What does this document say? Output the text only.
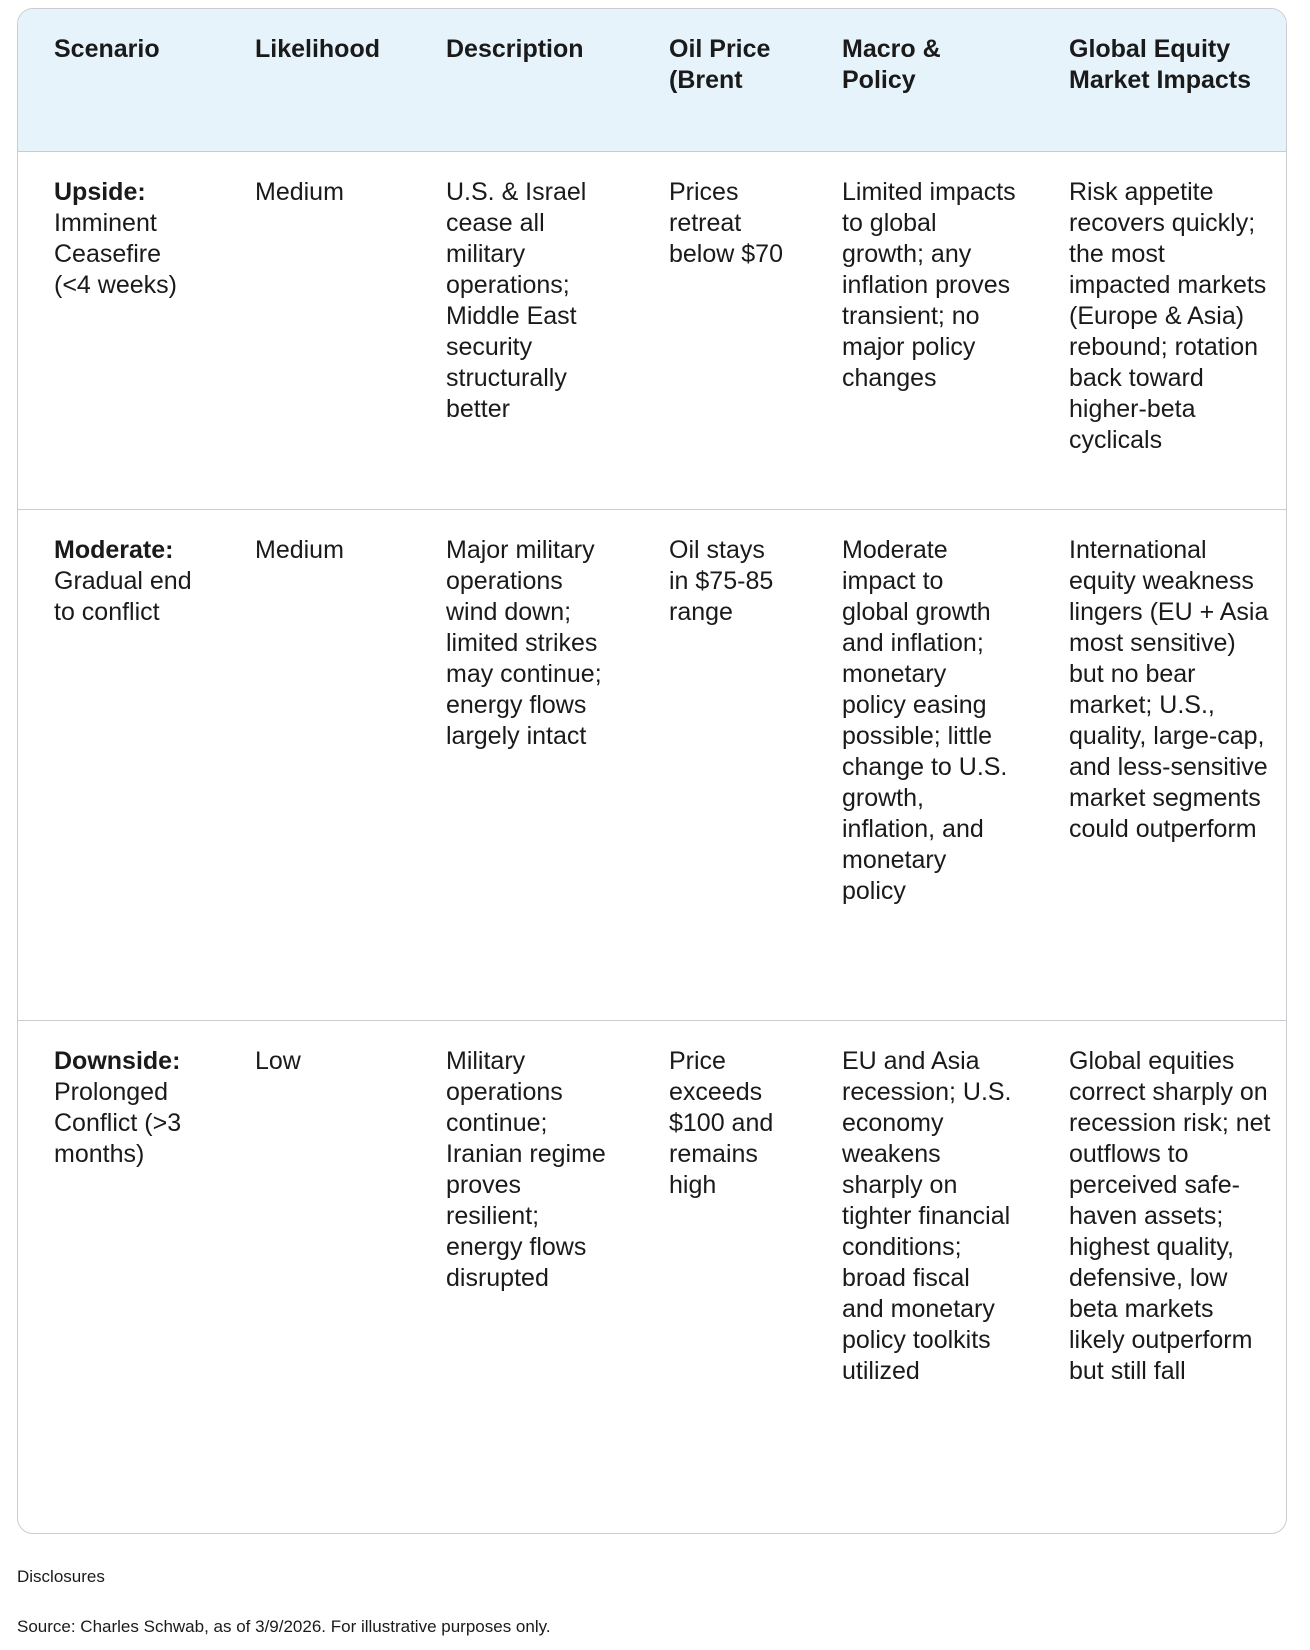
Scenario	Likelihood	Description	Oil Price (Brent	Macro & Policy	Global Equity Market Impacts

Upside:
Imminent Ceasefire (<4 weeks)	Medium	U.S. & Israel cease all military operations; Middle East security structurally better	Prices retreat below $70	Limited impacts to global growth; any inflation proves transient; no major policy changes	Risk appetite recovers quickly; the most impacted markets (Europe & Asia) rebound; rotation back toward higher-beta cyclicals

Moderate:
Gradual end to conflict	Medium	Major military operations wind down; limited strikes may continue; energy flows largely intact	Oil stays in $75-85 range	Moderate impact to global growth and inflation; monetary policy easing possible; little change to U.S. growth, inflation, and monetary policy	International equity weakness lingers (EU + Asia most sensitive) but no bear market; U.S., quality, large-cap, and less-sensitive market segments could outperform

Downside:
Prolonged Conflict (>3 months)	Low	Military operations continue; Iranian regime proves resilient; energy flows disrupted	Price exceeds $100 and remains high	EU and Asia recession; U.S. economy weakens sharply on tighter financial conditions; broad fiscal and monetary policy toolkits utilized	Global equities correct sharply on recession risk; net outflows to perceived safe-haven assets; highest quality, defensive, low beta markets likely outperform but still fall
Disclosures
Source: Charles Schwab, as of 3/9/2026. For illustrative purposes only.
